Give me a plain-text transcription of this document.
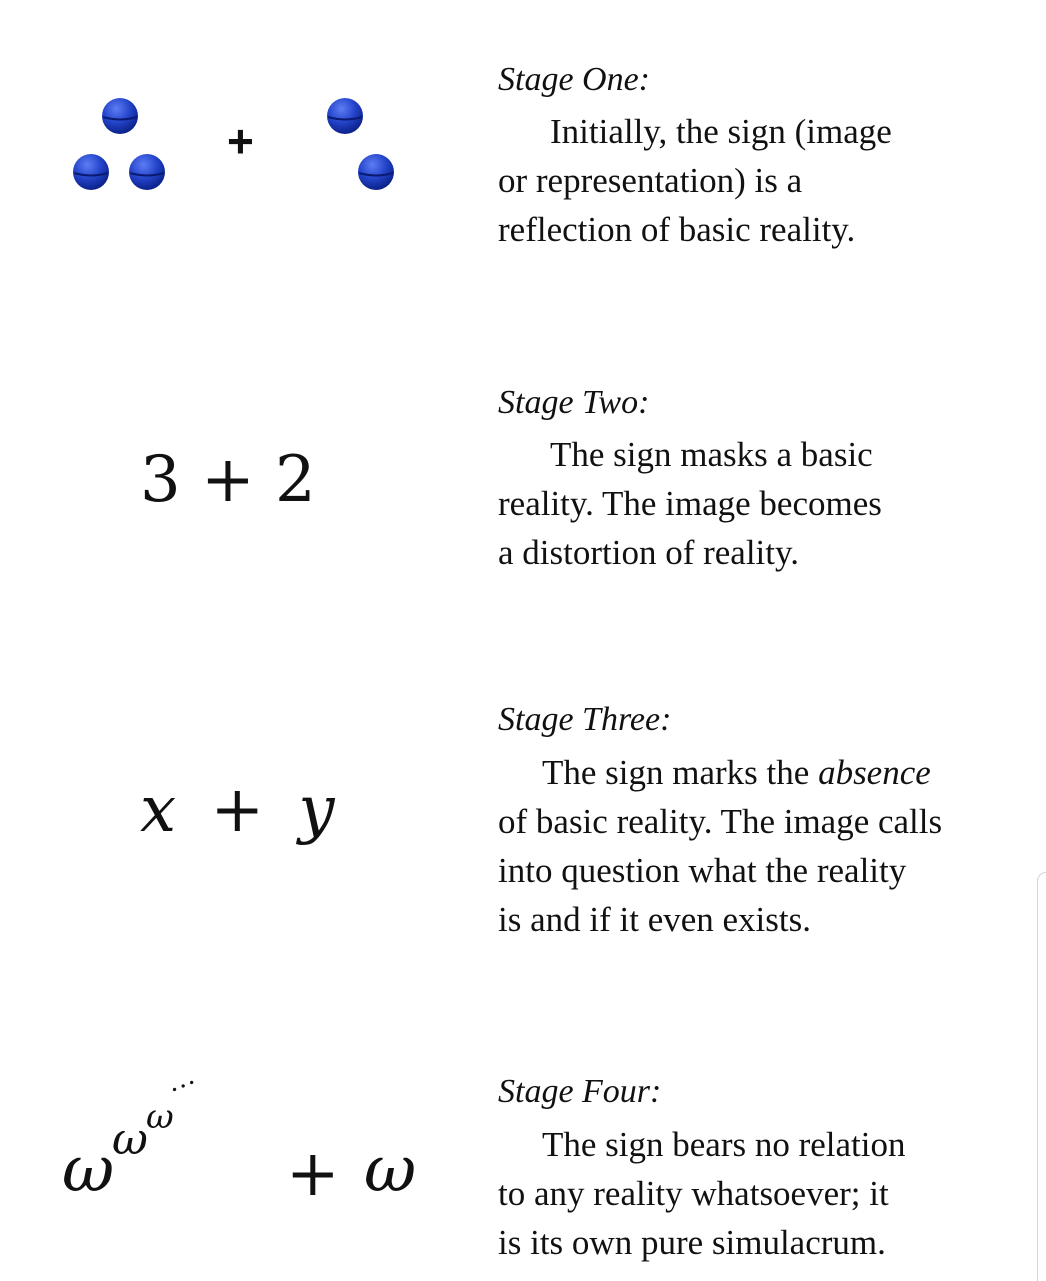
+
3 + 2
x + y
ω
ω
ω
···
+ ω
Stage One:
Initially, the sign (image
or representation) is a
reflection of basic reality.
Stage Two:
The sign masks a basic
reality. The image becomes
a distortion of reality.
Stage Three:
The sign marks the absence
of basic reality. The image calls
into question what the reality
is and if it even exists.
Stage Four:
The sign bears no relation
to any reality whatsoever; it
is its own pure simulacrum.
